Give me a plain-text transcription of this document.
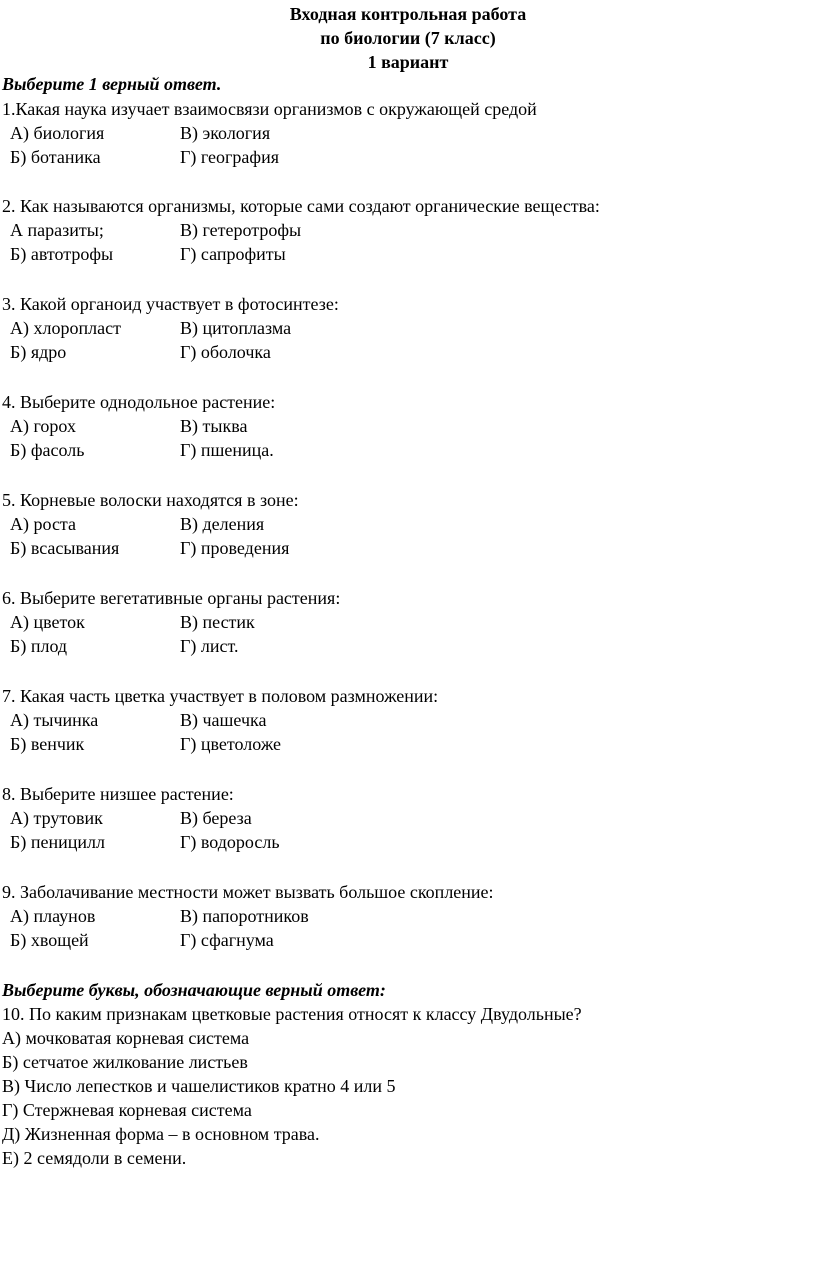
Входная контрольная работа
по биологии (7 класс)
1 вариант
Выберите 1 верный ответ.
1.Какая наука изучает взаимосвязи организмов с окружающей средой
А) биология	В) экология
Б) ботаника	Г) география
2. Как называются организмы, которые сами создают органические вещества:
А паразиты;	В) гетеротрофы
Б) автотрофы	Г) сапрофиты
3. Какой органоид участвует в фотосинтезе:
А) хлоропласт	В) цитоплазма
Б) ядро	Г) оболочка
4. Выберите однодольное растение:
А) горох	В) тыква
Б) фасоль	Г) пшеница.
5. Корневые волоски находятся в зоне:
А) роста	В) деления
Б) всасывания	Г) проведения
6. Выберите вегетативные органы растения:
А) цветок	В) пестик
Б) плод	Г) лист.
7. Какая часть цветка участвует в половом размножении:
А) тычинка	В) чашечка
Б) венчик	Г) цветоложе
8. Выберите низшее растение:
А) трутовик	В) береза
Б) пеницилл	Г) водоросль
9. Заболачивание местности может вызвать большое скопление:
А) плаунов	В) папоротников
Б) хвощей	Г) сфагнума
Выберите буквы, обозначающие верный ответ:
10. По каким признакам цветковые растения относят к классу Двудольные?
А) мочковатая корневая система
Б) сетчатое жилкование листьев
В) Число лепестков и чашелистиков кратно 4 или 5
Г) Стержневая корневая система
Д) Жизненная форма – в основном трава.
Е) 2 семядоли в семени.
